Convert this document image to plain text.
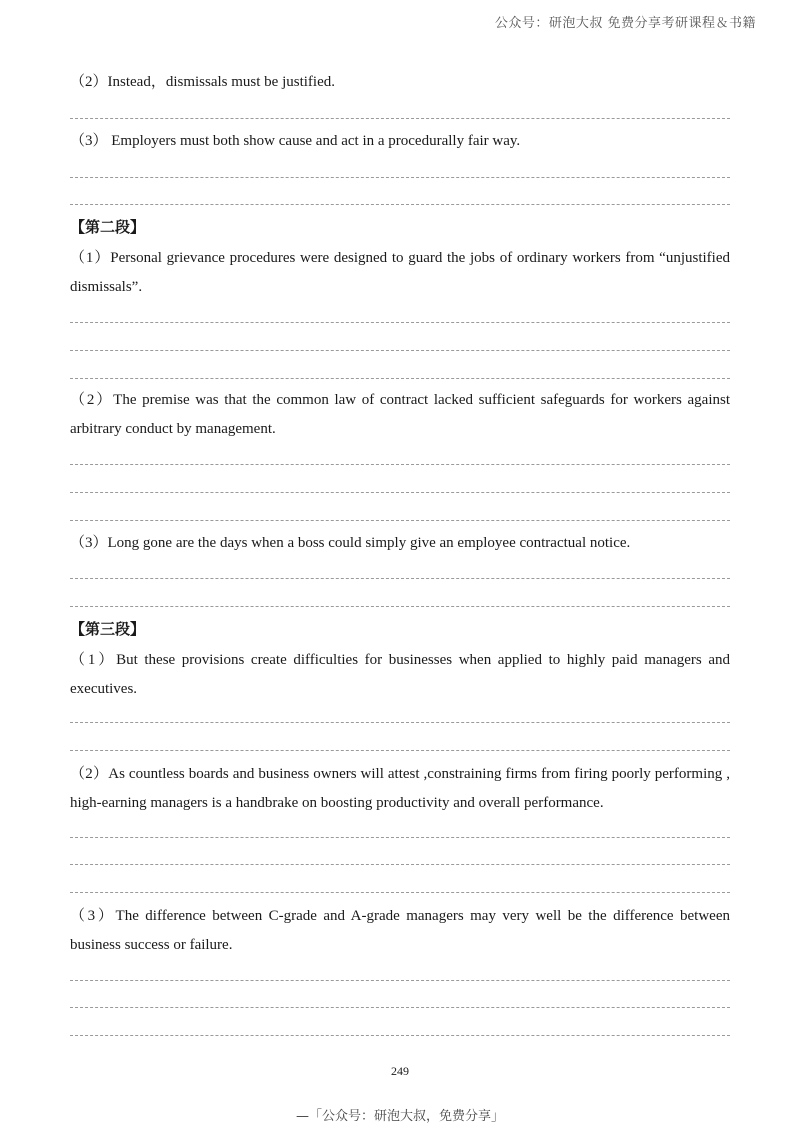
公众号：研泡大叔 免费分享考研课程＆书籍
（2）Instead，dismissals must be justified.
（3） Employers must both show cause and act in a procedurally fair way.
【第二段】
（1）Personal grievance procedures were designed to guard the jobs of ordinary workers from “unjustified dismissals”.
（2）The premise was that the common law of contract lacked sufficient safeguards for workers against arbitrary conduct by management.
（3）Long gone are the days when a boss could simply give an employee contractual notice.
【第三段】
（1）But these provisions create difficulties for businesses when applied to highly paid managers and executives.
（2）As countless boards and business owners will attest ,constraining firms from firing poorly performing , high-earning managers is a handbrake on boosting productivity and overall performance.
（3）The difference between C-grade and A-grade managers may very well be the difference between business success or failure.
249
—「公众号：研泡大叔，免费分享」
